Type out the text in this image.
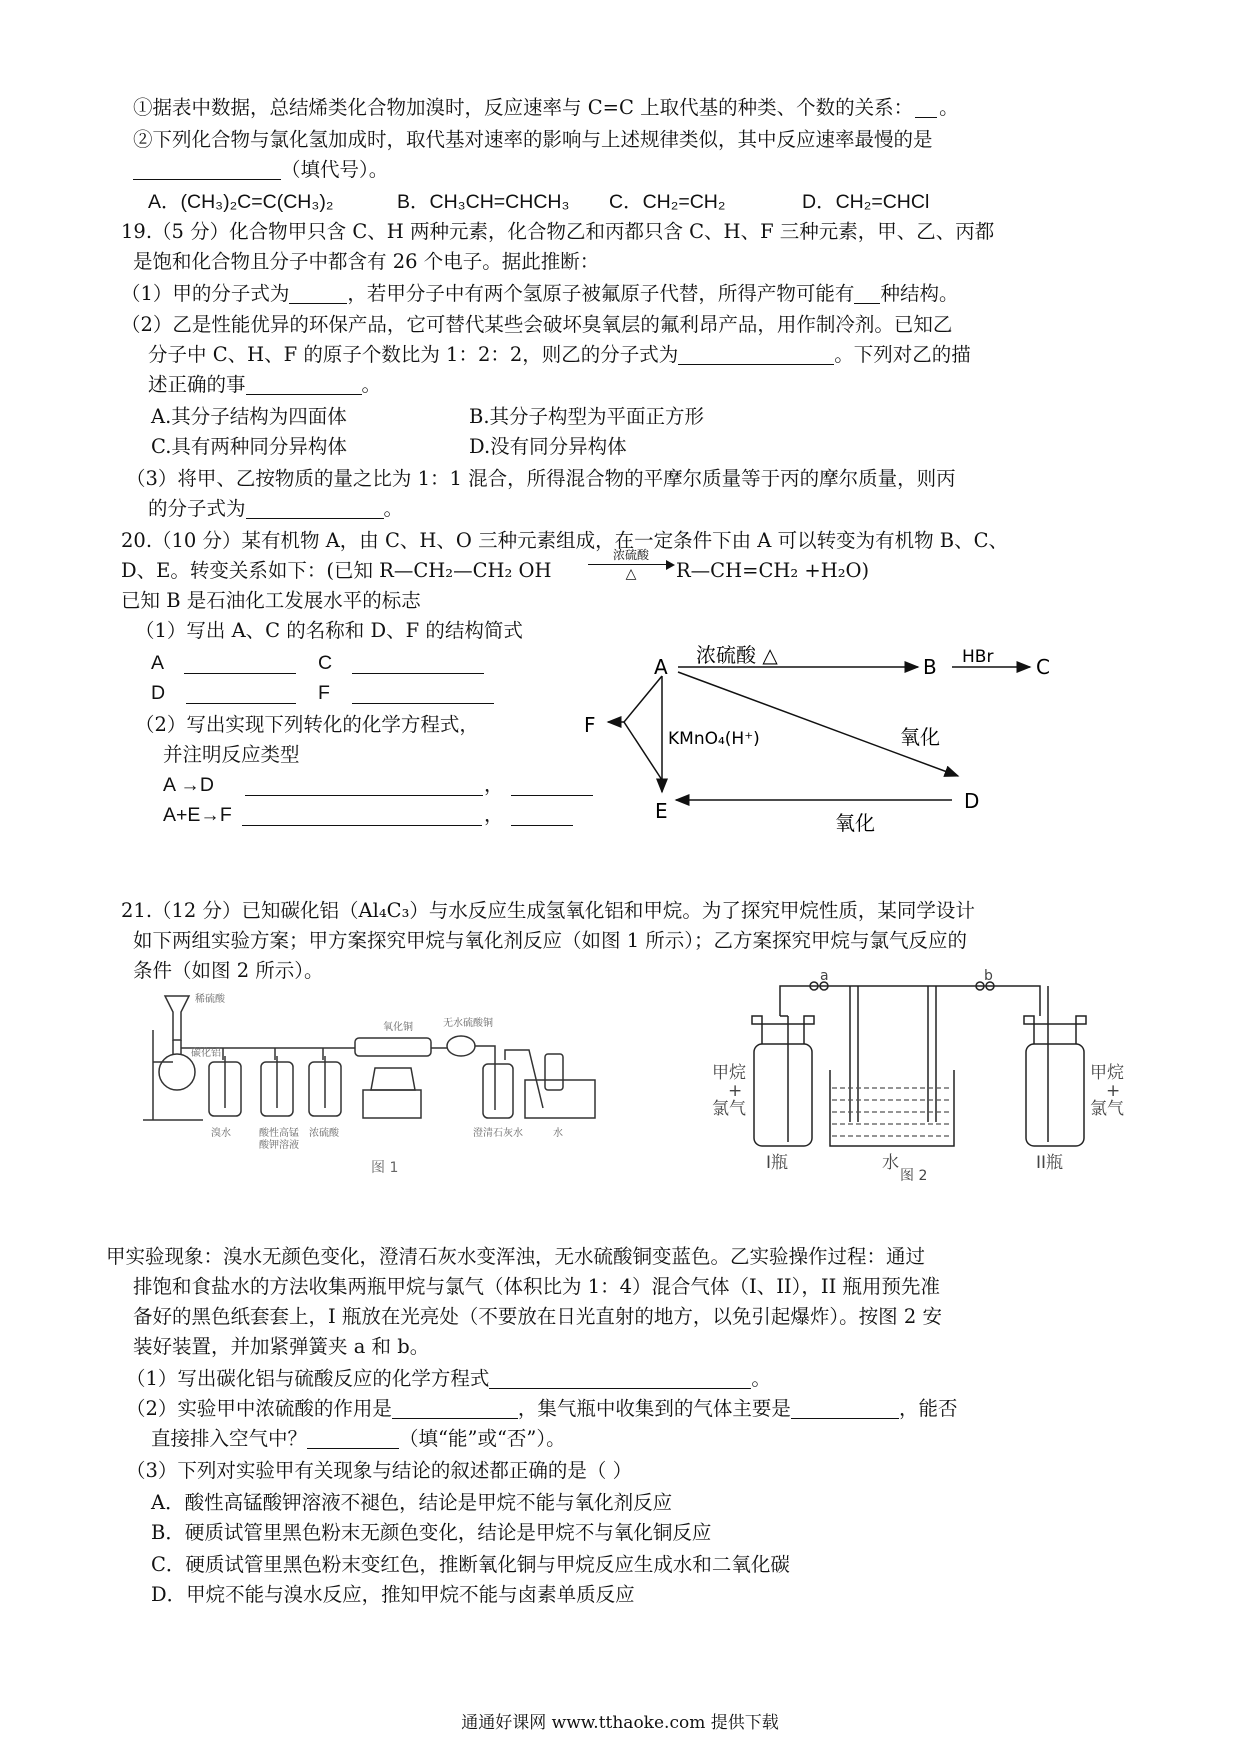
①据表中数据，总结烯类化合物加溴时，反应速率与 C=C 上取代基的种类、个数的关系： 。
②下列化合物与氯化氢加成时，取代基对速率的影响与上述规律类似，其中反应速率最慢的是
（填代号）。
A．(CH₃)₂C=C(CH₃)₂	B．CH₃CH=CHCH₃ C．CH₂=CH₂	D．CH₂=CHCl
19.（5 分）化合物甲只含 C、H 两种元素，化合物乙和丙都只含 C、H、F 三种元素，甲、乙、丙都
是饱和化合物且分子中都含有 26 个电子。据此推断：
（1）甲的分子式为	，若甲分子中有两个氢原子被氟原子代替，所得产物可能有 种结构。
（2）乙是性能优异的环保产品，它可替代某些会破坏臭氧层的氟利昂产品，用作制冷剂。已知乙
分子中 C、H、F 的原子个数比为 1：2：2，则乙的分子式为	。下列对乙的描
述正确的事	。
A.其分子结构为四面体	B.其分子构型为平面正方形
C.具有两种同分异构体	D.没有同分异构体
（3）将甲、乙按物质的量之比为 1：1 混合，所得混合物的平摩尔质量等于丙的摩尔质量，则丙
的分子式为	。
20.（10 分）某有机物 A，由 C、H、O 三种元素组成，在一定条件下由 A 可以转变为有机物 B、C、
D、E。转变关系如下：(已知 R—CH₂—CH₂ OH
浓硫酸
△	R—CH=CH₂ +H₂O)
已知 B 是石油化工发展水平的标志
（1）写出 A、C 的名称和 D、F 的结构简式
A	C
D	F
（2）写出实现下列转化的化学方程式，
并注明反应类型
A →D	，
A+E→F	，
A	B	C
D
E
F
浓硫酸 △	HBr
氧化
KMnO₄(H⁺)
氧化
21.（12 分）已知碳化铝（Al₄C₃）与水反应生成氢氧化铝和甲烷。为了探究甲烷性质，某同学设计
如下两组实验方案；甲方案探究甲烷与氧化剂反应（如图 1 所示）；乙方案探究甲烷与氯气反应的
条件（如图 2 所示）。
稀硫酸
碳化铝
溴水	酸性高锰
酸钾溶液
浓硫酸
氧化铜	无水硫酸铜
澄清石灰水	水
图 1
a	b
甲烷
+
氯气
甲烷
+
氯气
I瓶	水	II瓶
图 2
甲实验现象：溴水无颜色变化，澄清石灰水变浑浊，无水硫酸铜变蓝色。乙实验操作过程：通过
排饱和食盐水的方法收集两瓶甲烷与氯气（体积比为 1：4）混合气体（I、II），II 瓶用预先准
备好的黑色纸套套上，I 瓶放在光亮处（不要放在日光直射的地方，以免引起爆炸）。按图 2 安
装好装置，并加紧弹簧夹 a 和 b。
（1）写出碳化铝与硫酸反应的化学方程式	。
（2）实验甲中浓硫酸的作用是	，集气瓶中收集到的气体主要是	，能否
直接排入空气中？	（填“能”或“否”）。
（3）下列对实验甲有关现象与结论的叙述都正确的是（ ）
A．酸性高锰酸钾溶液不褪色，结论是甲烷不能与氧化剂反应
B．硬质试管里黑色粉末无颜色变化，结论是甲烷不与氧化铜反应
C．硬质试管里黑色粉末变红色，推断氧化铜与甲烷反应生成水和二氧化碳
D．甲烷不能与溴水反应，推知甲烷不能与卤素单质反应
通通好课网 www.tthaoke.com 提供下载
